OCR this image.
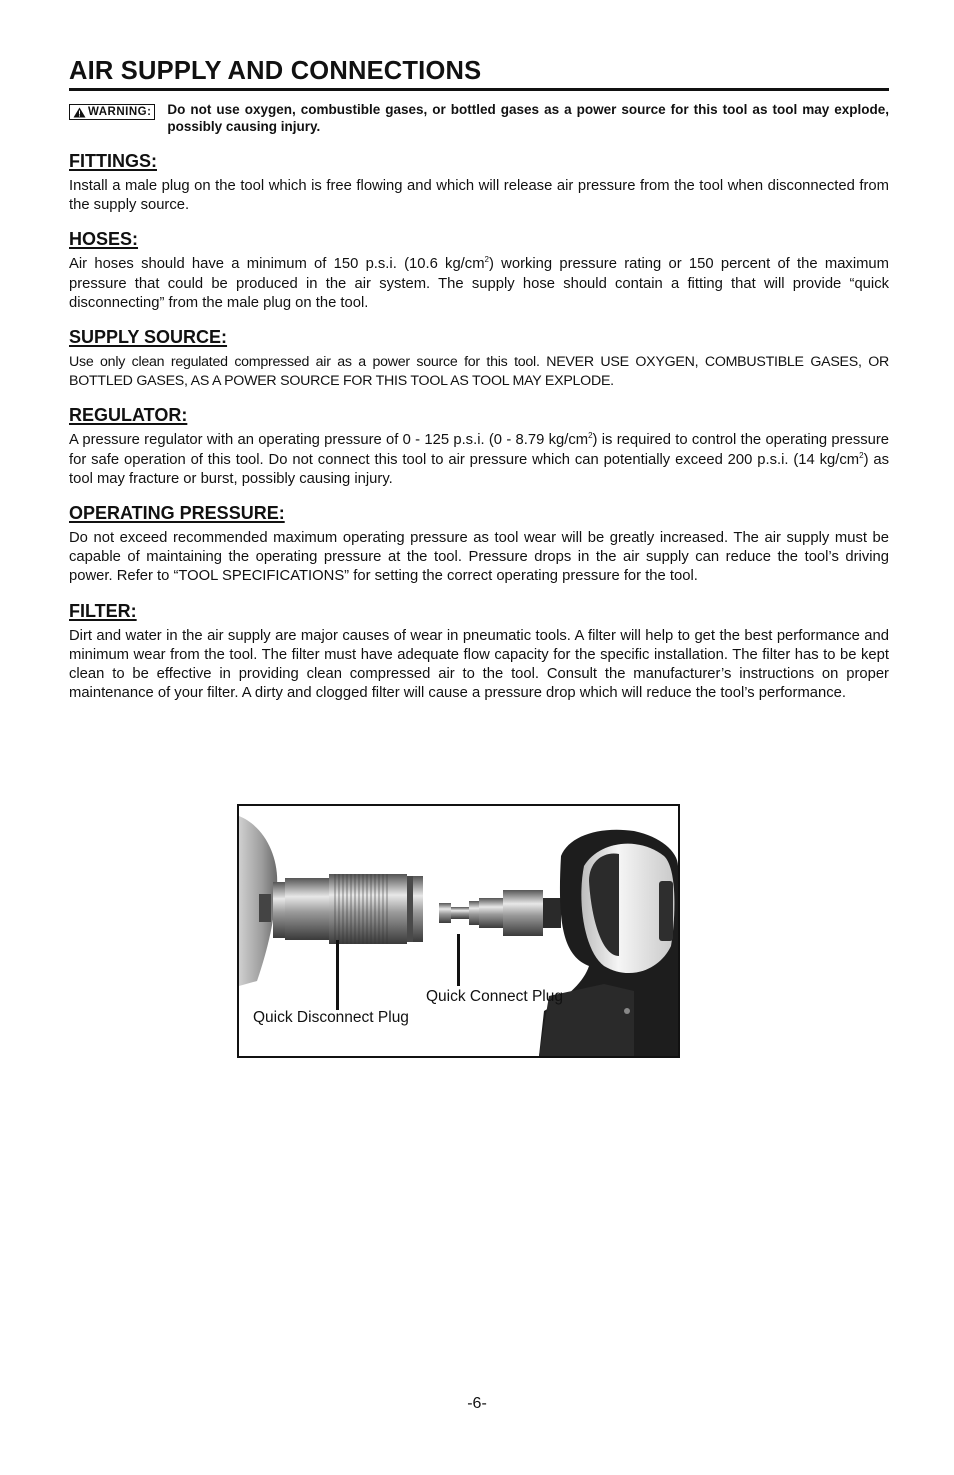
AIR SUPPLY AND CONNECTIONS
WARNING: Do not use oxygen, combustible gases, or bottled gases as a power source for this tool as tool may explode, possibly causing injury.
FITTINGS:

Install a male plug on the tool which is free flowing and which will release air pressure from the tool when disconnected from the supply source.

HOSES:

Air hoses should have a minimum of 150 p.s.i. (10.6 $kg/cm^2$) working pressure rating or 150 percent of the maximum pressure that could be produced in the air system. The supply hose should contain a fitting that will provide “quick disconnecting” from the male plug on the tool.

SUPPLY SOURCE:

Use only clean regulated compressed air as a power source for this tool. NEVER USE OXYGEN, COMBUSTIBLE GASES, OR BOTTLED GASES, AS A POWER SOURCE FOR THIS TOOL AS TOOL MAY EXPLODE.

REGULATOR:

A pressure regulator with an operating pressure of 0 - 125 p.s.i. (0 - 8.79 $kg/cm^2$) is required to control the operating pressure for safe operation of this tool. Do not connect this tool to air pressure which can potentially exceed 200 p.s.i. (14 $kg/cm^2$) as tool may fracture or burst, possibly causing injury.

OPERATING PRESSURE:

Do not exceed recommended maximum operating pressure as tool wear will be greatly increased. The air supply must be capable of maintaining the operating pressure at the tool. Pressure drops in the air supply can reduce the tool’s driving power. Refer to “TOOL SPECIFICATIONS” for setting the correct operating pressure for the tool.

FILTER:

Dirt and water in the air supply are major causes of wear in pneumatic tools. A filter will help to get the best performance and minimum wear from the tool. The filter must have adequate flow capacity for the specific installation. The filter has to be kept clean to be effective in providing clean compressed air to the tool. Consult the manufacturer’s instructions on proper maintenance of your filter. A dirty and clogged filter will cause a pressure drop which will reduce the tool’s performance.

Quick Connect Plug
Quick Disconnect Plug
-6-
